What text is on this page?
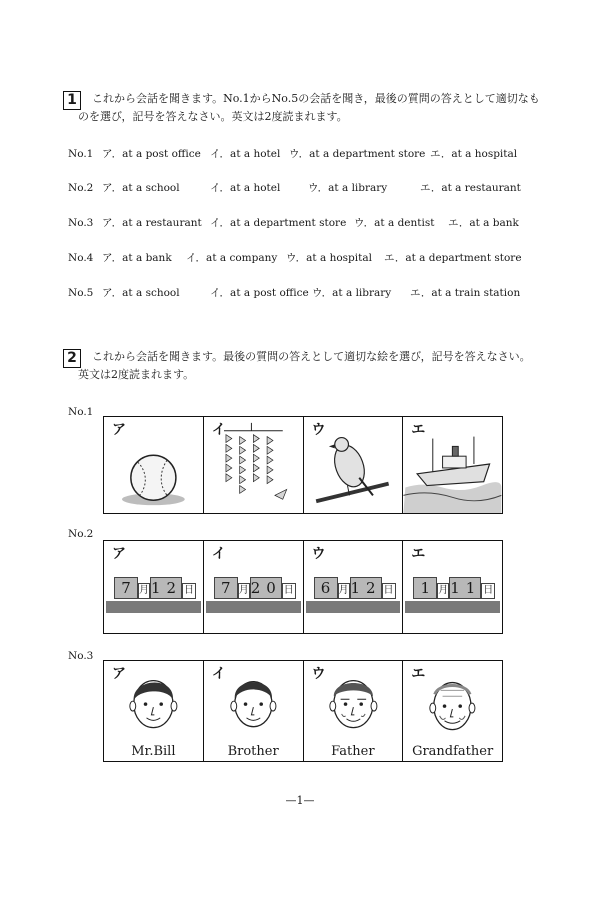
1	これから会話を聞きます。No.1からNo.5の会話を聞き，最後の質問の答えとして適切なも
のを選び，記号を答えなさい。英文は2度読まれます。
No.1 ア．at a post office イ．at a hotel ウ．at a department store エ．at a hospital
No.2 ア．at a school	イ．at a hotel	ウ．at a library	エ．at a restaurant
No.3 ア．at a restaurant イ．at a department store ウ．at a dentist エ．at a bank
No.4 ア．at a bank イ．at a company ウ．at a hospital エ．at a department store
No.5 ア．at a school	イ．at a post office ウ．at a library エ．at a train station
2	これから会話を聞きます。最後の質問の答えとして適切な絵を選び，記号を答えなさい。
英文は2度読まれます。
No.1
ア	イ	ウ	エ
No.2
ア
7 月 12 日
イ
7 月 20 日
ウ
6 月 12 日
エ
1 月 11 日
No.3
ア
Mr.Bill
イ
Brother
ウ
Father
エ
Grandfather
—1—
